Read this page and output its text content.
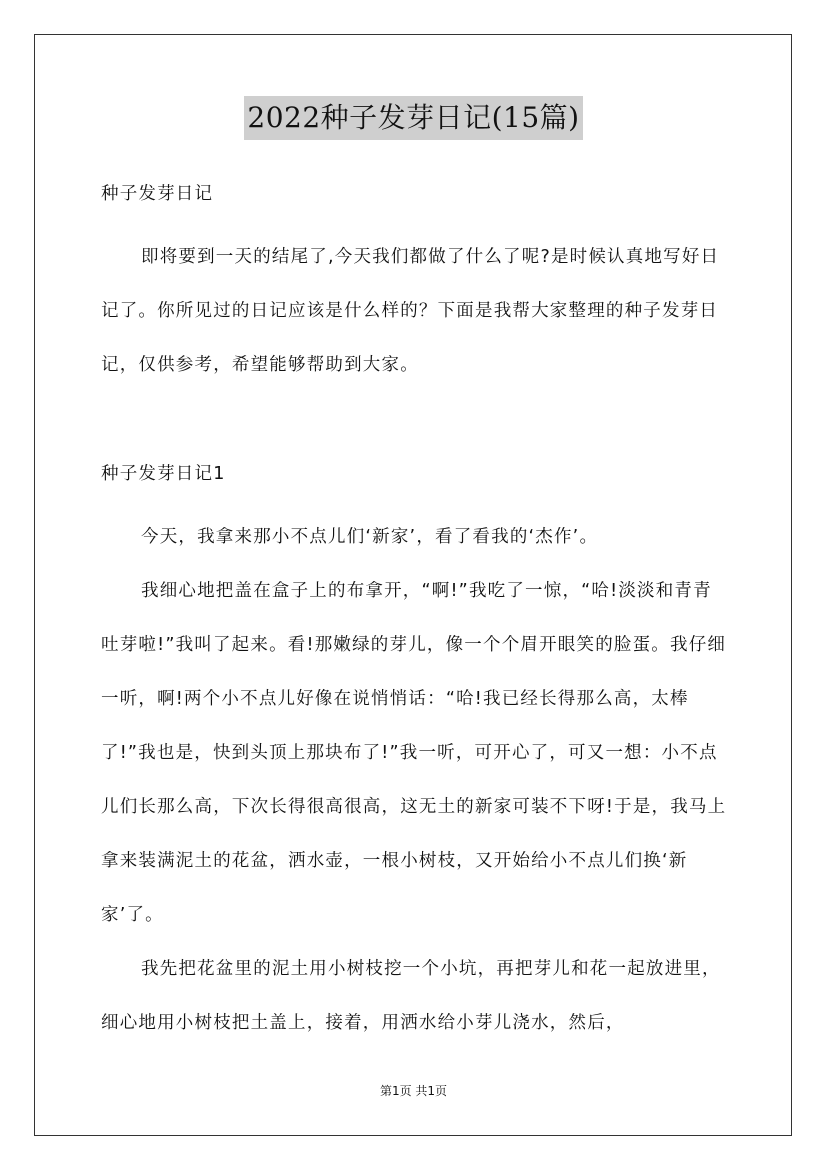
2022种子发芽日记(15篇)

种子发芽日记

即将要到一天的结尾了,今天我们都做了什么了呢?是时候认真地写好日记了。你所见过的日记应该是什么样的？下面是我帮大家整理的种子发芽日记，仅供参考，希望能够帮助到大家。

种子发芽日记1

今天，我拿来那小不点儿们‘新家’，看了看我的‘杰作’。

我细心地把盖在盒子上的布拿开，“啊!”我吃了一惊，“哈!淡淡和青青吐芽啦!”我叫了起来。看!那嫩绿的芽儿，像一个个眉开眼笑的脸蛋。我仔细一听，啊!两个小不点儿好像在说悄悄话：“哈!我已经长得那么高，太棒了!”我也是，快到头顶上那块布了!”我一听，可开心了，可又一想：小不点儿们长那么高，下次长得很高很高，这无土的新家可装不下呀!于是，我马上拿来装满泥土的花盆，洒水壶，一根小树枝，又开始给小不点儿们换‘新家’了。

我先把花盆里的泥土用小树枝挖一个小坑，再把芽儿和花一起放进里，细心地用小树枝把土盖上，接着，用洒水给小芽儿浇水，然后，

第1页 共1页
